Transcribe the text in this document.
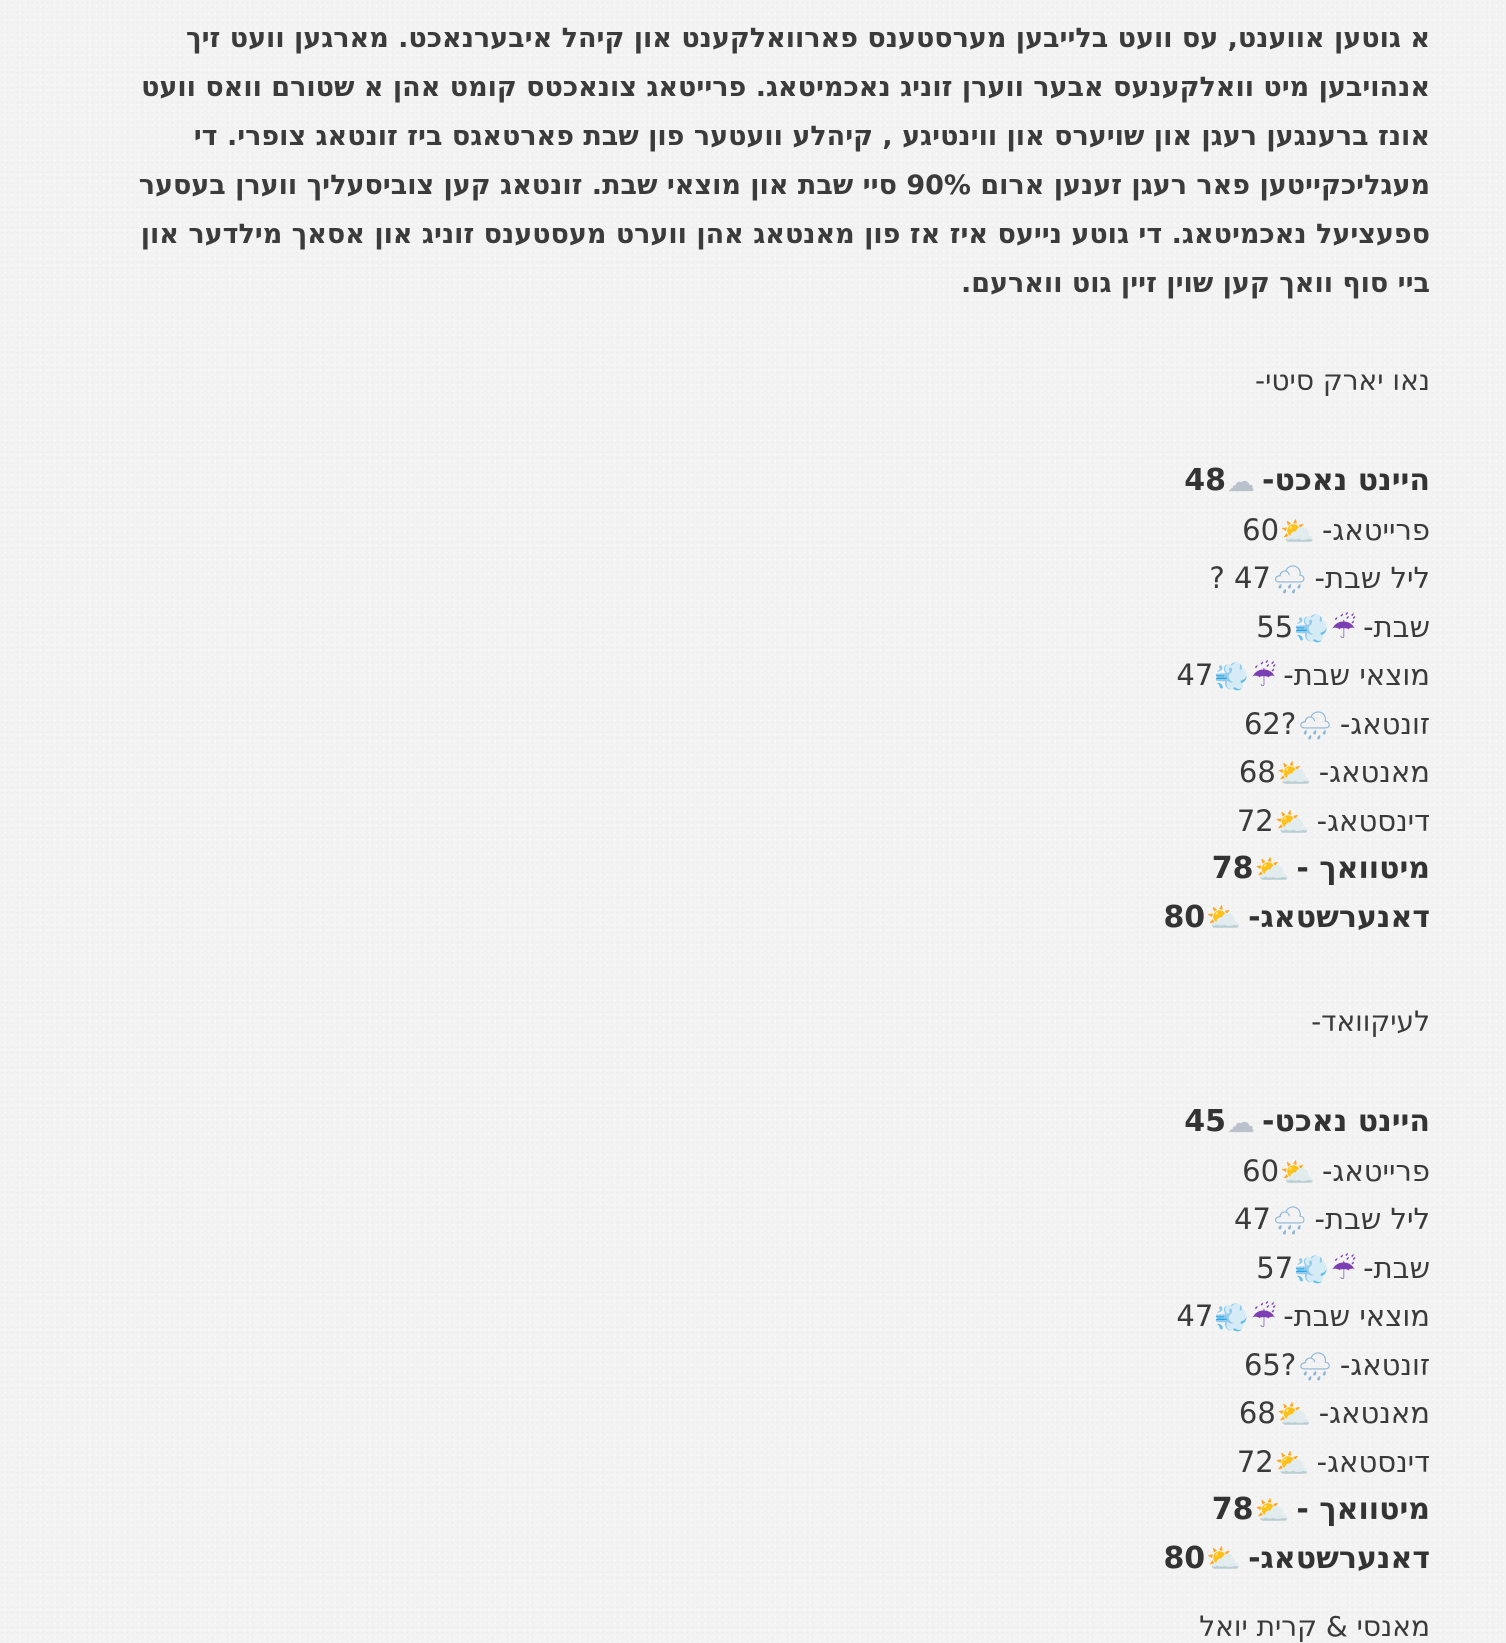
א גוטען אווענט, עס וועט בלייבען מערסטענס פארוואלקענט און קיהל איבערנאכט. מארגען וועט זיך אנהויבען מיט וואלקענעס אבער ווערן זוניג נאכמיטאג. פרייטאג צונאכטס קומט אהן א שטורם וואס וועט אונז ברענגען רעגן און שויערס און ווינטיגע , קיהלע וועטער פון שבת פארטאגס ביז זונטאג צופרי. די מעגליכקייטען פאר רעגן זענען ארום 90% סיי שבת און מוצאי שבת. זונטאג קען צוביסעליך ווערן בעסער ספעציעל נאכמיטאג. די גוטע נייעס איז אז פון מאנטאג אהן ווערט מעסטענס זוניג און אסאך מילדער און ביי סוף וואך קען שוין זיין גוט ווארעם.

נאו יארק סיטי-
היינט נאכט-☁48
פרייטאג-⛅60
ליל שבת-🌧? 47
שבת-☔💨55
מוצאי שבת-☔💨47
זונטאג-🌧62?
מאנטאג-⛅68
דינסטאג-⛅72
מיטוואך -⛅78
דאנערשטאג-⛅80
לעיקוואד-
היינט נאכט-☁45
פרייטאג-⛅60
ליל שבת-🌧47
שבת-☔💨57
מוצאי שבת-☔💨47
זונטאג-🌧65?
מאנטאג-⛅68
דינסטאג-⛅72
מיטוואך -⛅78
דאנערשטאג-⛅80
מאנסי & קרית יואל
